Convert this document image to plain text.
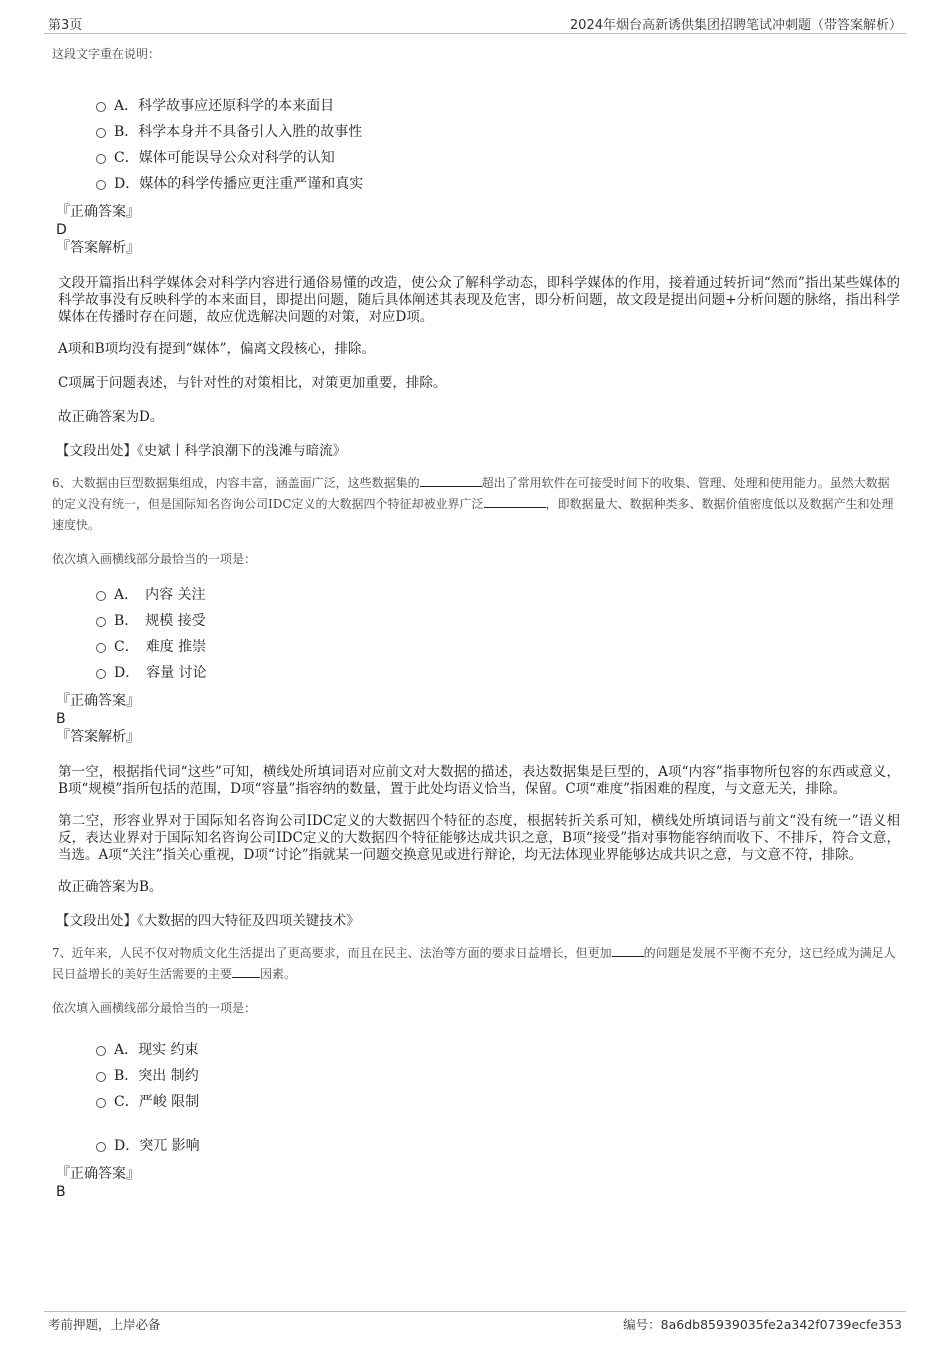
第3页	2024年烟台高新诱供集团招聘笔试冲刺题（带答案解析）

这段文字重在说明：

A．科学故事应还原科学的本来面目
B．科学本身并不具备引人入胜的故事性
C．媒体可能误导公众对科学的认知
D．媒体的科学传播应更注重严谨和真实

『正确答案』

D

『答案解析』

文段开篇指出科学媒体会对科学内容进行通俗易懂的改造，使公众了解科学动态，即科学媒体的作用，接着通过转折词“然而”指出某些媒体的科学故事没有反映科学的本来面目，即提出问题，随后具体阐述其表现及危害，即分析问题，故文段是提出问题+分析问题的脉络，指出科学媒体在传播时存在问题，故应优选解决问题的对策，对应D项。

A项和B项均没有提到“媒体”，偏离文段核心，排除。

C项属于问题表述，与针对性的对策相比，对策更加重要，排除。

故正确答案为D。

【文段出处】《史斌丨科学浪潮下的浅滩与暗流》

6、大数据由巨型数据集组成，内容丰富，涵盖面广泛，这些数据集的	超出了常用软件在可接受时间下的收集、管理、处理和使用能力。虽然大数据的定义没有统一，但是国际知名咨询公司IDC定义的大数据四个特征却被业界广泛	，即数据量大、数据种类多、数据价值密度低以及数据产生和处理速度快。

依次填入画横线部分最恰当的一项是：

A．　内容 关注
B．　规模 接受
C．　难度 推崇
D．　容量 讨论

『正确答案』

B

『答案解析』

第一空，根据指代词“这些”可知，横线处所填词语对应前文对大数据的描述，表达数据集是巨型的，A项“内容”指事物所包容的东西或意义，B项“规模”指所包括的范围，D项“容量”指容纳的数量，置于此处均语义恰当，保留。C项“难度”指困难的程度，与文意无关，排除。

第二空，形容业界对于国际知名咨询公司IDC定义的大数据四个特征的态度，根据转折关系可知，横线处所填词语与前文“没有统一”语义相反，表达业界对于国际知名咨询公司IDC定义的大数据四个特征能够达成共识之意，B项“接受”指对事物能容纳而收下、不排斥，符合文意，当选。A项“关注”指关心重视，D项“讨论”指就某一问题交换意见或进行辩论，均无法体现业界能够达成共识之意，与文意不符，排除。

故正确答案为B。

【文段出处】《大数据的四大特征及四项关键技术》

7、近年来，人民不仅对物质文化生活提出了更高要求，而且在民主、法治等方面的要求日益增长，但更加	的问题是发展不平衡不充分，这已经成为满足人民日益增长的美好生活需要的主要 因素。

依次填入画横线部分最恰当的一项是：

A．现实 约束
B．突出 制约
C．严峻 限制
D．突兀 影响

『正确答案』

B

考前押题，上岸必备	编号：8a6db85939035fe2a342f0739ecfe353
